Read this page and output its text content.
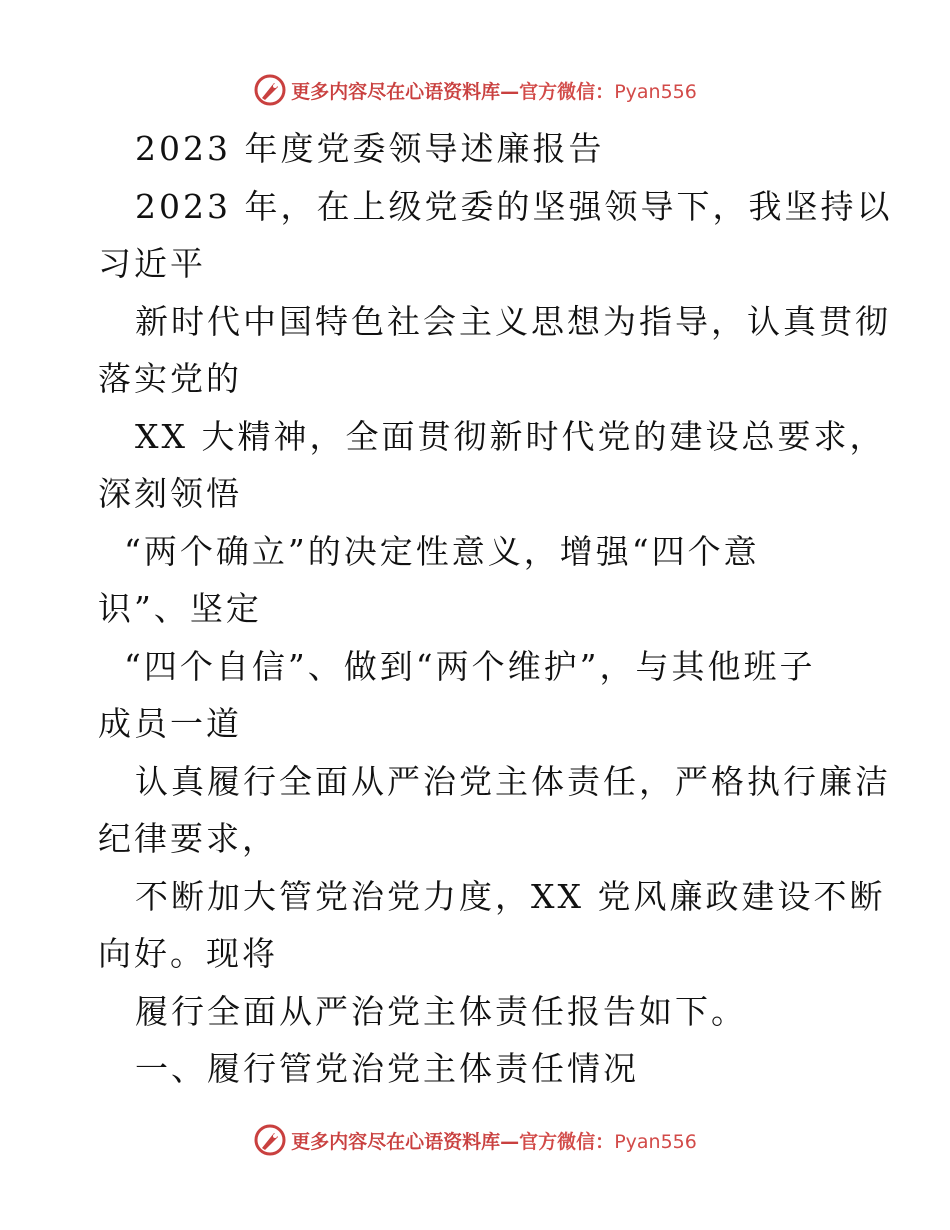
更多内容尽在心语资料库—官方微信：Pyan556
2023 年度党委领导述廉报告
2023 年，在上级党委的坚强领导下，我坚持以
习近平
新时代中国特色社会主义思想为指导，认真贯彻
落实党的
XX 大精神，全面贯彻新时代党的建设总要求，
深刻领悟
“两个确立”的决定性意义，增强“四个意
识”、坚定
“四个自信”、做到“两个维护”，与其他班子
成员一道
认真履行全面从严治党主体责任，严格执行廉洁
纪律要求，
不断加大管党治党力度，XX 党风廉政建设不断
向好。现将
履行全面从严治党主体责任报告如下。
一、履行管党治党主体责任情况
更多内容尽在心语资料库—官方微信：Pyan556
